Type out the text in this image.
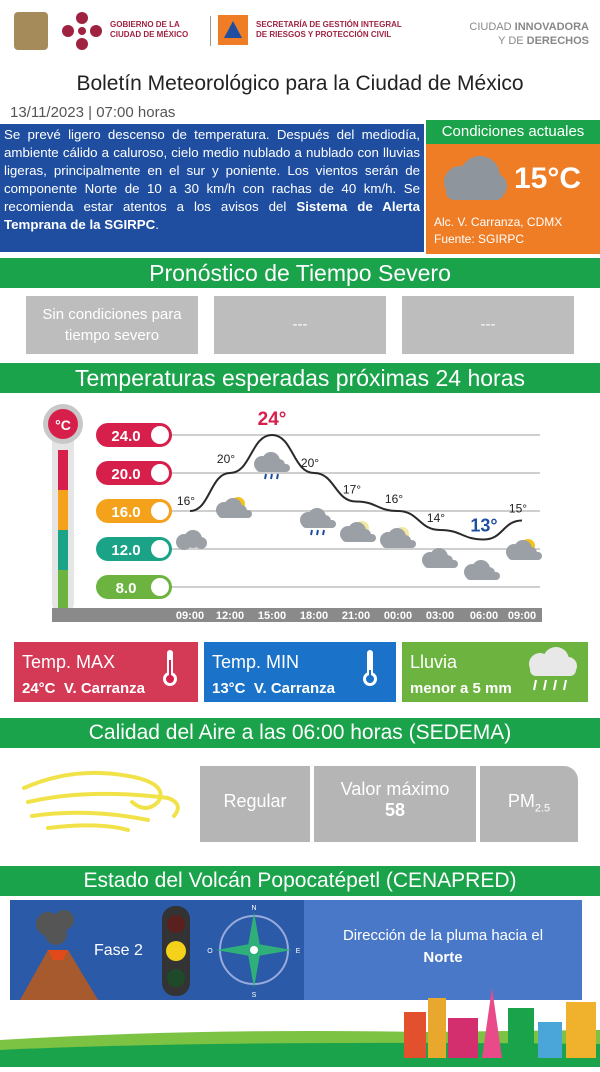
GOBIERNO DE LA
CIUDAD DE MÉXICO
SECRETARÍA DE GESTIÓN INTEGRAL
DE RIESGOS Y PROTECCIÓN CIVIL
CIUDAD INNOVADORA
Y DE DERECHOS
Boletín Meteorológico para la Ciudad de México
13/11/2023 | 07:00 horas
Se prevé ligero descenso de temperatura. Después del mediodía, ambiente cálido a caluroso, cielo medio nublado a nublado con lluvias ligeras, principalmente en el sur y poniente. Los vientos serán de componente Norte de 10 a 30 km/h con rachas de 40 km/h. Se recomienda estar atentos a los avisos del Sistema de Alerta Temprana de la SGIRPC.
Condiciones actuales
15°C
Alc. V. Carranza, CDMX
Fuente: SGIRPC
Pronóstico de Tiempo Severo
Sin condiciones para tiempo severo
---	---
Temperaturas esperadas próximas 24 horas
°C
24.0
20.0
16.0
12.0
8.0
16°
20°
24°
20°
17°
16°
14° 13°
15°
09:00 12:00 15:00 18:00 21:00 00:00 03:00 06:00 09:00
Temp. MAX
24°C V. Carranza
Temp. MIN
13°C V. Carranza
Lluvia
menor a 5 mm
Calidad del Aire a las 06:00 horas (SEDEMA)
Regular
Valor máximo
58	$PM_{2.5}$
Estado del Volcán Popocatépetl (CENAPRED)
Fase 2
N
S
E
O
Dirección de la pluma hacia el
Norte
